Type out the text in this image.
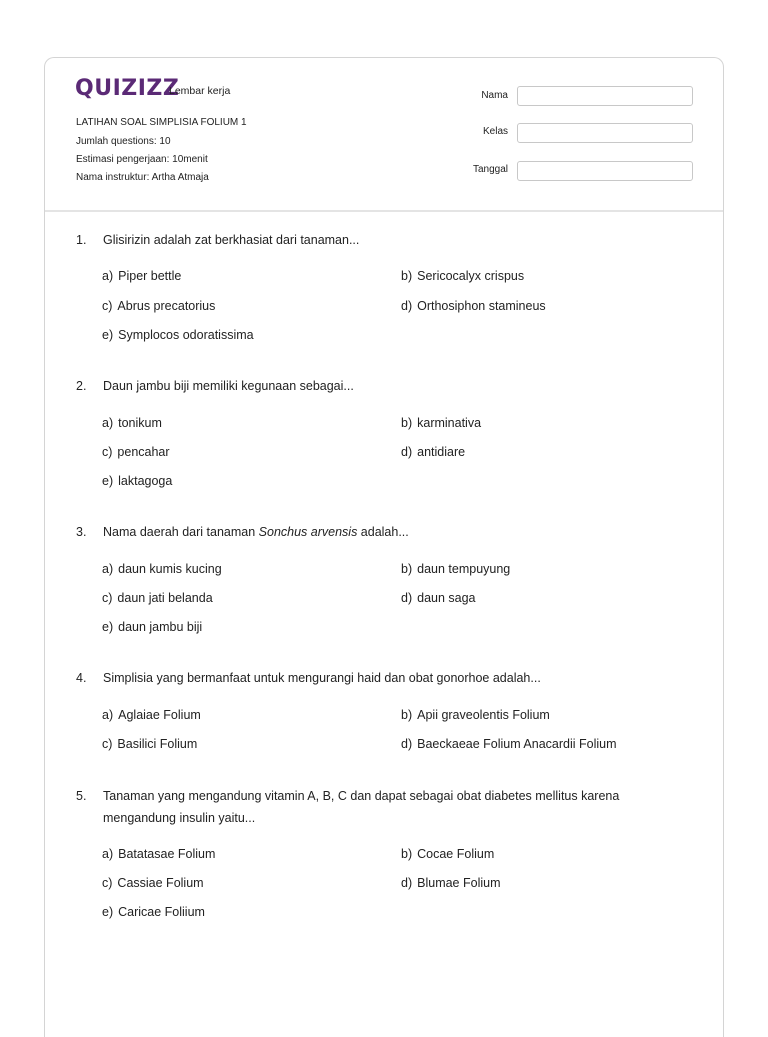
QUIZIZZ
Lembar kerja
LATIHAN SOAL SIMPLISIA FOLIUM 1
Jumlah questions: 10
Estimasi pengerjaan: 10menit
Nama instruktur: Artha Atmaja
Nama
Kelas
Tanggal
1. Glisirizin adalah zat berkhasiat dari tanaman...
a) Piper bettle	b) Sericocalyx crispus
c) Abrus precatorius	d) Orthosiphon stamineus
e) Symplocos odoratissima
2. Daun jambu biji memiliki kegunaan sebagai...
a) tonikum	b) karminativa
c) pencahar	d) antidiare
e) laktagoga
3. Nama daerah dari tanaman Sonchus arvensis adalah...
a) daun kumis kucing	b) daun tempuyung
c) daun jati belanda	d) daun saga
e) daun jambu biji
4. Simplisia yang bermanfaat untuk mengurangi haid dan obat gonorhoe adalah...
a) Aglaiae Folium	b) Apii graveolentis Folium
c) Basilici Folium	d) Baeckaeae Folium Anacardii Folium
5. Tanaman yang mengandung vitamin A, B, C dan dapat sebagai obat diabetes mellitus karena mengandung insulin yaitu...
a) Batatasae Folium	b) Cocae Folium
c) Cassiae Folium	d) Blumae Folium
e) Caricae Foliium
